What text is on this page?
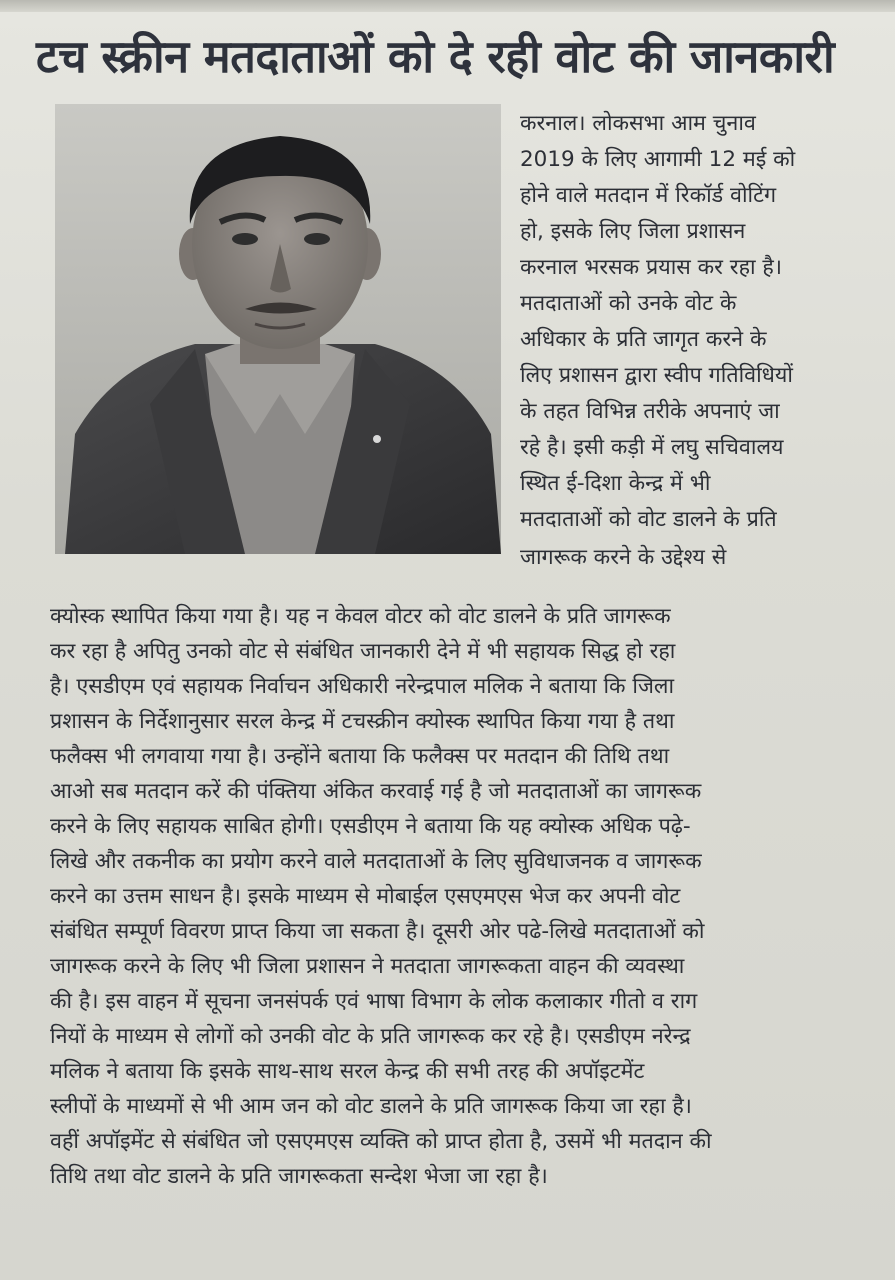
टच स्क्रीन मतदाताओं को दे रही वोट की जानकारी
करनाल। लोकसभा आम चुनाव
2019 के लिए आगामी 12 मई को
होने वाले मतदान में रिकॉर्ड वोटिंग
हो, इसके लिए जिला प्रशासन
करनाल भरसक प्रयास कर रहा है।
मतदाताओं को उनके वोट के
अधिकार के प्रति जागृत करने के
लिए प्रशासन द्वारा स्वीप गतिविधियों
के तहत विभिन्न तरीके अपनाएं जा
रहे है। इसी कड़ी में लघु सचिवालय
स्थित ई-दिशा केन्द्र में भी
मतदाताओं को वोट डालने के प्रति
जागरूक करने के उद्देश्य से
क्योस्क स्थापित किया गया है। यह न केवल वोटर को वोट डालने के प्रति जागरूक
कर रहा है अपितु उनको वोट से संबंधित जानकारी देने में भी सहायक सिद्ध हो रहा
है। एसडीएम एवं सहायक निर्वाचन अधिकारी नरेन्द्रपाल मलिक ने बताया कि जिला
प्रशासन के निर्देशानुसार सरल केन्द्र में टचस्क्रीन क्योस्क स्थापित किया गया है तथा
फलैक्स भी लगवाया गया है। उन्होंने बताया कि फलैक्स पर मतदान की तिथि तथा
आओ सब मतदान करें की पंक्तिया अंकित करवाई गई है जो मतदाताओं का जागरूक
करने के लिए सहायक साबित होगी। एसडीएम ने बताया कि यह क्योस्क अधिक पढ़े-
लिखे और तकनीक का प्रयोग करने वाले मतदाताओं के लिए सुविधाजनक व जागरूक
करने का उत्तम साधन है। इसके माध्यम से मोबाईल एसएमएस भेज कर अपनी वोट
संबंधित सम्पूर्ण विवरण प्राप्त किया जा सकता है। दूसरी ओर पढे-लिखे मतदाताओं को
जागरूक करने के लिए भी जिला प्रशासन ने मतदाता जागरूकता वाहन की व्यवस्था
की है। इस वाहन में सूचना जनसंपर्क एवं भाषा विभाग के लोक कलाकार गीतो व राग
नियों के माध्यम से लोगों को उनकी वोट के प्रति जागरूक कर रहे है। एसडीएम नरेन्द्र
मलिक ने बताया कि इसके साथ-साथ सरल केन्द्र की सभी तरह की अपॉइटमेंट
स्लीपों के माध्यमों से भी आम जन को वोट डालने के प्रति जागरूक किया जा रहा है।
वहीं अपॉइमेंट से संबंधित जो एसएमएस व्यक्ति को प्राप्त होता है, उसमें भी मतदान की
तिथि तथा वोट डालने के प्रति जागरूकता सन्देश भेजा जा रहा है।
